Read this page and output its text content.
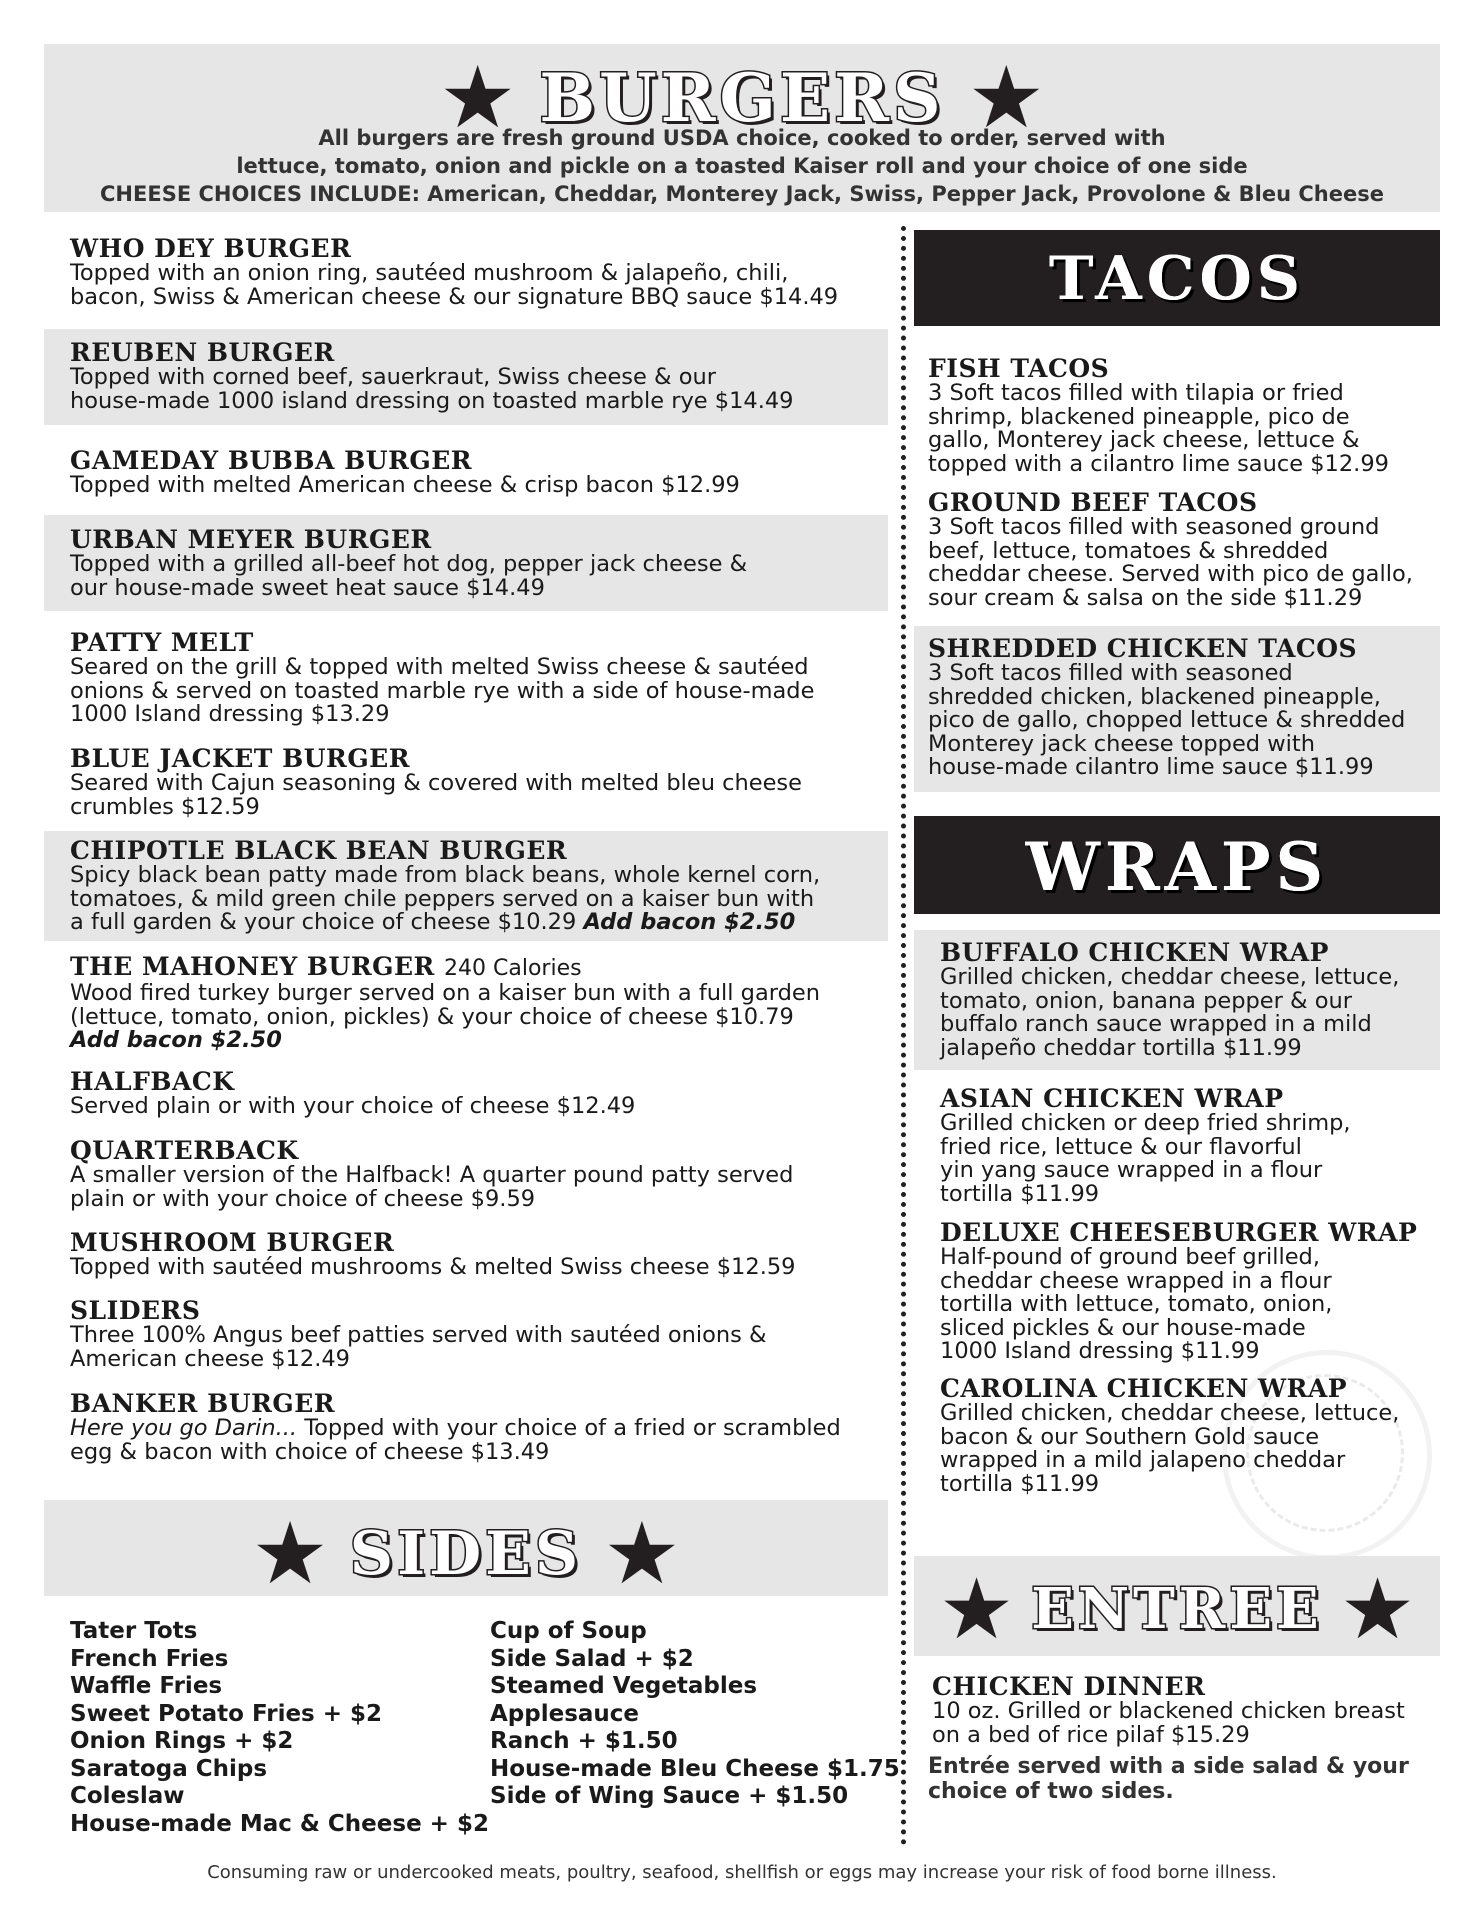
★ BURGERS ★
All burgers are fresh ground USDA choice, cooked to order, served with
lettuce, tomato, onion and pickle on a toasted Kaiser roll and your choice of one side
CHEESE CHOICES INCLUDE: American, Cheddar, Monterey Jack, Swiss, Pepper Jack, Provolone & Bleu Cheese
WHO DEY BURGER
Topped with an onion ring, sautéed mushroom & jalapeño, chili,
bacon, Swiss & American cheese & our signature BBQ sauce $14.49
REUBEN BURGER
Topped with corned beef, sauerkraut, Swiss cheese & our
house-made 1000 island dressing on toasted marble rye $14.49
GAMEDAY BUBBA BURGER
Topped with melted American cheese & crisp bacon $12.99
URBAN MEYER BURGER
Topped with a grilled all-beef hot dog, pepper jack cheese &
our house-made sweet heat sauce $14.49
PATTY MELT
Seared on the grill & topped with melted Swiss cheese & sautéed
onions & served on toasted marble rye with a side of house-made
1000 Island dressing $13.29
BLUE JACKET BURGER
Seared with Cajun seasoning & covered with melted bleu cheese
crumbles $12.59
CHIPOTLE BLACK BEAN BURGER
Spicy black bean patty made from black beans, whole kernel corn,
tomatoes, & mild green chile peppers served on a kaiser bun with
a full garden & your choice of cheese $10.29 Add bacon $2.50
THE MAHONEY BURGER 240 Calories
Wood fired turkey burger served on a kaiser bun with a full garden
(lettuce, tomato, onion, pickles) & your choice of cheese $10.79
Add bacon $2.50
HALFBACK
Served plain or with your choice of cheese $12.49
QUARTERBACK
A smaller version of the Halfback! A quarter pound patty served
plain or with your choice of cheese $9.59
MUSHROOM BURGER
Topped with sautéed mushrooms & melted Swiss cheese $12.59
SLIDERS
Three 100% Angus beef patties served with sautéed onions &
American cheese $12.49
BANKER BURGER
Here you go Darin... Topped with your choice of a fried or scrambled
egg & bacon with choice of cheese $13.49
★ SIDES ★
Tater Tots
French Fries
Waffle Fries
Sweet Potato Fries + $2
Onion Rings + $2
Saratoga Chips
Coleslaw
House-made Mac & Cheese + $2
Cup of Soup
Side Salad + $2
Steamed Vegetables
Applesauce
Ranch + $1.50
House-made Bleu Cheese $1.75
Side of Wing Sauce + $1.50
TACOS
FISH TACOS
3 Soft tacos filled with tilapia or fried
shrimp, blackened pineapple, pico de
gallo, Monterey jack cheese, lettuce &
topped with a cilantro lime sauce $12.99
GROUND BEEF TACOS
3 Soft tacos filled with seasoned ground
beef, lettuce, tomatoes & shredded
cheddar cheese. Served with pico de gallo,
sour cream & salsa on the side $11.29
SHREDDED CHICKEN TACOS
3 Soft tacos filled with seasoned
shredded chicken, blackened pineapple,
pico de gallo, chopped lettuce & shredded
Monterey jack cheese topped with
house-made cilantro lime sauce $11.99
WRAPS
BUFFALO CHICKEN WRAP
Grilled chicken, cheddar cheese, lettuce,
tomato, onion, banana pepper & our
buffalo ranch sauce wrapped in a mild
jalapeño cheddar tortilla $11.99
ASIAN CHICKEN WRAP
Grilled chicken or deep fried shrimp,
fried rice, lettuce & our flavorful
yin yang sauce wrapped in a flour
tortilla $11.99
DELUXE CHEESEBURGER WRAP
Half-pound of ground beef grilled,
cheddar cheese wrapped in a flour
tortilla with lettuce, tomato, onion,
sliced pickles & our house-made
1000 Island dressing $11.99
CAROLINA CHICKEN WRAP
Grilled chicken, cheddar cheese, lettuce,
bacon & our Southern Gold sauce
wrapped in a mild jalapeno cheddar
tortilla $11.99
★ ENTREE ★
CHICKEN DINNER
10 oz. Grilled or blackened chicken breast
on a bed of rice pilaf $15.29
Entrée served with a side salad & your
choice of two sides.
Consuming raw or undercooked meats, poultry, seafood, shellfish or eggs may increase your risk of food borne illness.
